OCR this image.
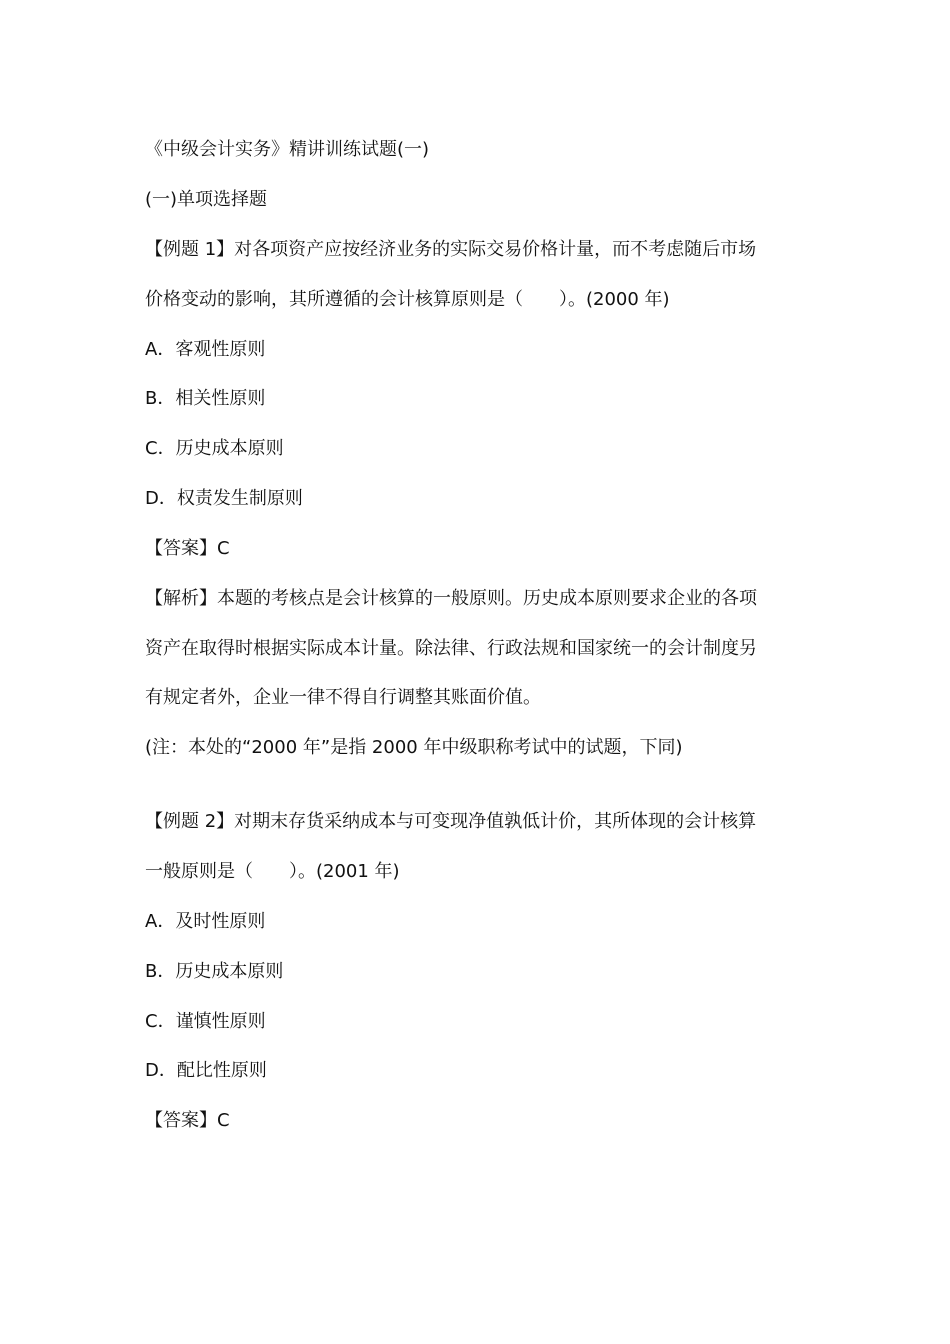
《中级会计实务》精讲训练试题(一)

(一)单项选择题

【例题 1】对各项资产应按经济业务的实际交易价格计量，而不考虑随后市场

价格变动的影响，其所遵循的会计核算原则是（　　）。(2000 年)

A．客观性原则

B．相关性原则

C．历史成本原则

D．权责发生制原则

【答案】C

【解析】本题的考核点是会计核算的一般原则。历史成本原则要求企业的各项

资产在取得时根据实际成本计量。除法律、行政法规和国家统一的会计制度另

有规定者外，企业一律不得自行调整其账面价值。

(注：本处的“2000 年”是指 2000 年中级职称考试中的试题，下同)

【例题 2】对期末存货采纳成本与可变现净值孰低计价，其所体现的会计核算

一般原则是（　　）。(2001 年)

A．及时性原则

B．历史成本原则

C．谨慎性原则

D．配比性原则

【答案】C
